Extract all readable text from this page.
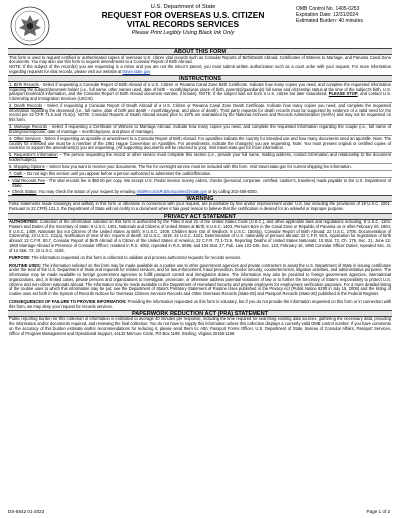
U.S. Department of State
REQUEST FOR OVERSEAS U.S. CITIZEN
VITAL RECORDS SERVICES
Please Print Legibly Using Black Ink Only
OMB Control No. 1405-0253
Expiration Date: 12/31/2024
Estimated Burden: 40 minutes
ABOUT THIS FORM
This form is used to request certified or authenticated copies of overseas U.S. citizen vital records such as Consular Reports of Birth/Death Abroad, Certificates of Witness to Marriage, and Panama Canal Zone documents. You may also use this form to request amendments to a Consular Report of Birth Abroad.
NOTE: If the subject of the record(s) you are requesting is a minor and you are not the minor's parent, you must submit written authorization such as a court order with your request. For more information regarding requests for vital records, please visit our website at travel.state.gov.
INSTRUCTIONS
1. Birth Records - Select if requesting a Consular Report of Birth Abroad of a U.S. Citizen or Panama Canal Zone Birth Certificate. Indicate how many copies you need, and complete the requested information regarding the subject/document holder (i.e., full name, other names used, date of birth – month/day/year, place of birth, parent(s)/guardian(s) full name and citizenship status at the time of the subject's birth, U.S. passport book/card information, and the Consular Report of Birth Abroad document number, if known). NOTE: If the subject was not born a U.S. citizen but later naturalized, PLEASE STOP, and contact U.S. Citizenship and Immigration Services (USCIS).
2. Death Records - Select if requesting a Consular Report of Death Abroad of a U.S. Citizen or Panama Canal Zone Death Certificate. Indicate how many copies you need, and complete the requested information regarding the deceased (i.e., full name, date of birth and death – month/day/year, and place of death). Third party requests for death records must be supported by evidence of a valid need for the record per 22 CFR 71.5 and 72.6(c). NOTE: Consular Reports of Death Abroad issued prior to 1975 are maintained by the National Archives and Records Administration (NARA) and may not be requested on this form.
3. Marriage Records - Select if requesting a Certificate of Witness to Marriage Abroad, indicate how many copies you need, and complete the requested information regarding the couple (i.e., full name of bride/groom/spouse, date of marriage – month/day/year, and place of marriage).
4. Other Services - Select if requesting an apostille or amendment to a Consular Report of Birth Abroad. For apostilles indicate the country for intended use and how many documents need an apostille. Note: The country for intended use must be a member of the 1961 Hague Convention on Apostilles. For amendments, indicate the change(s) you are requesting. Note: You must present original or certified copies of evidence to support the amendment(s) you are requesting. (All supporting documents will be returned to you). Visit travel.state.gov for more information.
5. Requestor's Information – The person requesting the record or other service must complete this section (i.e., provide your full name, mailing address, contact information and relationship to the document holder/subject).
6. Shipping Options – Select how you want to receive your documents. The fee for overnight service must be included with this form. Visit travel.state.gov for current shipping fee information.
7. Oath – Do not sign this section until you appear before a person authorized to administer the oath/affirmation.
• Vital Records Fee - The vital records fee is $50.00 per copy. We accept U.S. Postal Service money orders, checks (personal, corporate, certified, cashier's, travelers) made payable to the U.S. Department of State.
• Check Status: You may check the status of your request by emailing VitalRecordsPublicInquiries@state.gov or by calling 202-485-8300.
WARNING
False statements made knowingly and willfully in this form or otherwise in connection with your request, are punishable by fine and/or imprisonment under U.S. law including the provisions of 18 U.S.C. 1001. Pursuant to 22 CFR§ 131.2, the Department of State will not certify to a document when it has good reason to believe that the certification is desired for an unlawful or improper purpose.
PRIVACY ACT STATEMENT
AUTHORITIES: Collection of the information solicited on this form is authorized by the Titles 8 and 22 of the United States Code (U.S.C.), and other applicable laws and regulations including, 8 U.S.C. 1104, Powers and Duties of the Secretary of State; 8 U.S.C. 1401, Nationals and Citizens of United States at Birth; 8 U.S.C. 1403, Persons Born in the Canal Zone or Republic of Panama on or after February 26, 1904; 8 U.S.C. 1408, Nationals but not Citizens of the United States at Birth; 8 U.S.C. 1409, Children Born Out of Wedlock; 8 U.S.C. 1504(a), Consular Report of Birth Abroad; 22 U.S.C. 2705, Documentation of Citizenship; 22 U.S.C. 211(a), Notification of next of kin; reports of death; 22 U.S.C. 4215; 22 U.S.C. 4221; Determination of U.S. nationality of persons abroad; 22 C.F.R. 50.5, Application for registration of birth abroad; 22 C.F.R. 50.7, Consular Report of Birth Abroad of a Citizen of the United States of America; 22 C.F.R. 72.1-72.6, Reporting Deaths of United States Nationals; 10 Stat. 72, Ch. 179, Sec. 21, June 22, 1860 Marriage Abroad in Presence of Consular Officer; restated in R.S. 4082, repealed in R.S. 5596; and 104 Stat. 27, Pub. Law 101-246, Sec. 123, February 16, 1990 Consular Officer Duties; repealed Sec. 31 of 12 Stat. 72; 22 U.S.C. 4192.
PURPOSE: The information requested on this form is collected to validate and process authorized requests for records services.
ROUTINE USES: The information solicited on this form may be made available as a routine use to other government agencies and private contractors to assist the U.S. Department of State in issuing certificates under the Seal of the U.S. Department of State and requests for related services, and for law enforcement, fraud prevention, border security, counterterrorism, litigation activities, and administrative purposes. The information may be made available to foreign government agencies to fulfill passport control and immigration duties. The information may also be provided to foreign government agencies, international organizations, and, in limited cases, private persons and organizations to investigate, prosecute, or otherwise address potential violations of law or to further the Secretary of State's responsibility to protect U.S. citizens and non-citizen nationals abroad. The information may be made available to the Department of Homeland Security and private employers for employment verification purposes. For a more detailed listing of the routine uses to which this information may be put, see the Department of State's Prefatory Statement of Routine Uses published in the Privacy Act (Public Notice 6290 in July 15, 2008) and the listing of routine uses set forth in the System of Records Notices for Overseas Citizens Services Records and Other Overseas Records (State-05) and Passport Records (State-26) published in the Federal Register.
CONSEQUENCES OF FAILURE TO PROVIDE INFORMATION: Providing the information requested on this form is voluntary, but if you do not provide the information requested on this form or in connection with this form, we may deny your request for records services.
PAPERWORK REDUCTION ACT (PRA) STATEMENT
Public reporting burden for this collection of information is estimated to average 40 minutes per response, including the time required for searching existing data sources, gathering the necessary data, providing the information and/or documents required, and reviewing the final collection. You do not have to supply this information unless this collection displays a currently valid OMB control number. If you have comments on the accuracy of this burden estimate and/or recommendations for reducing it, please send them to: Attn: Passport Forms Officer, U.S. Department of State, Bureau of Consular Affairs, Passport Services, Office of Program Management and Operational Support, 44132 Mercure Circle, PO Box 1199, Sterling, Virginia 20166-1199.
DS-5542 01-2023	Page 1 of 2
